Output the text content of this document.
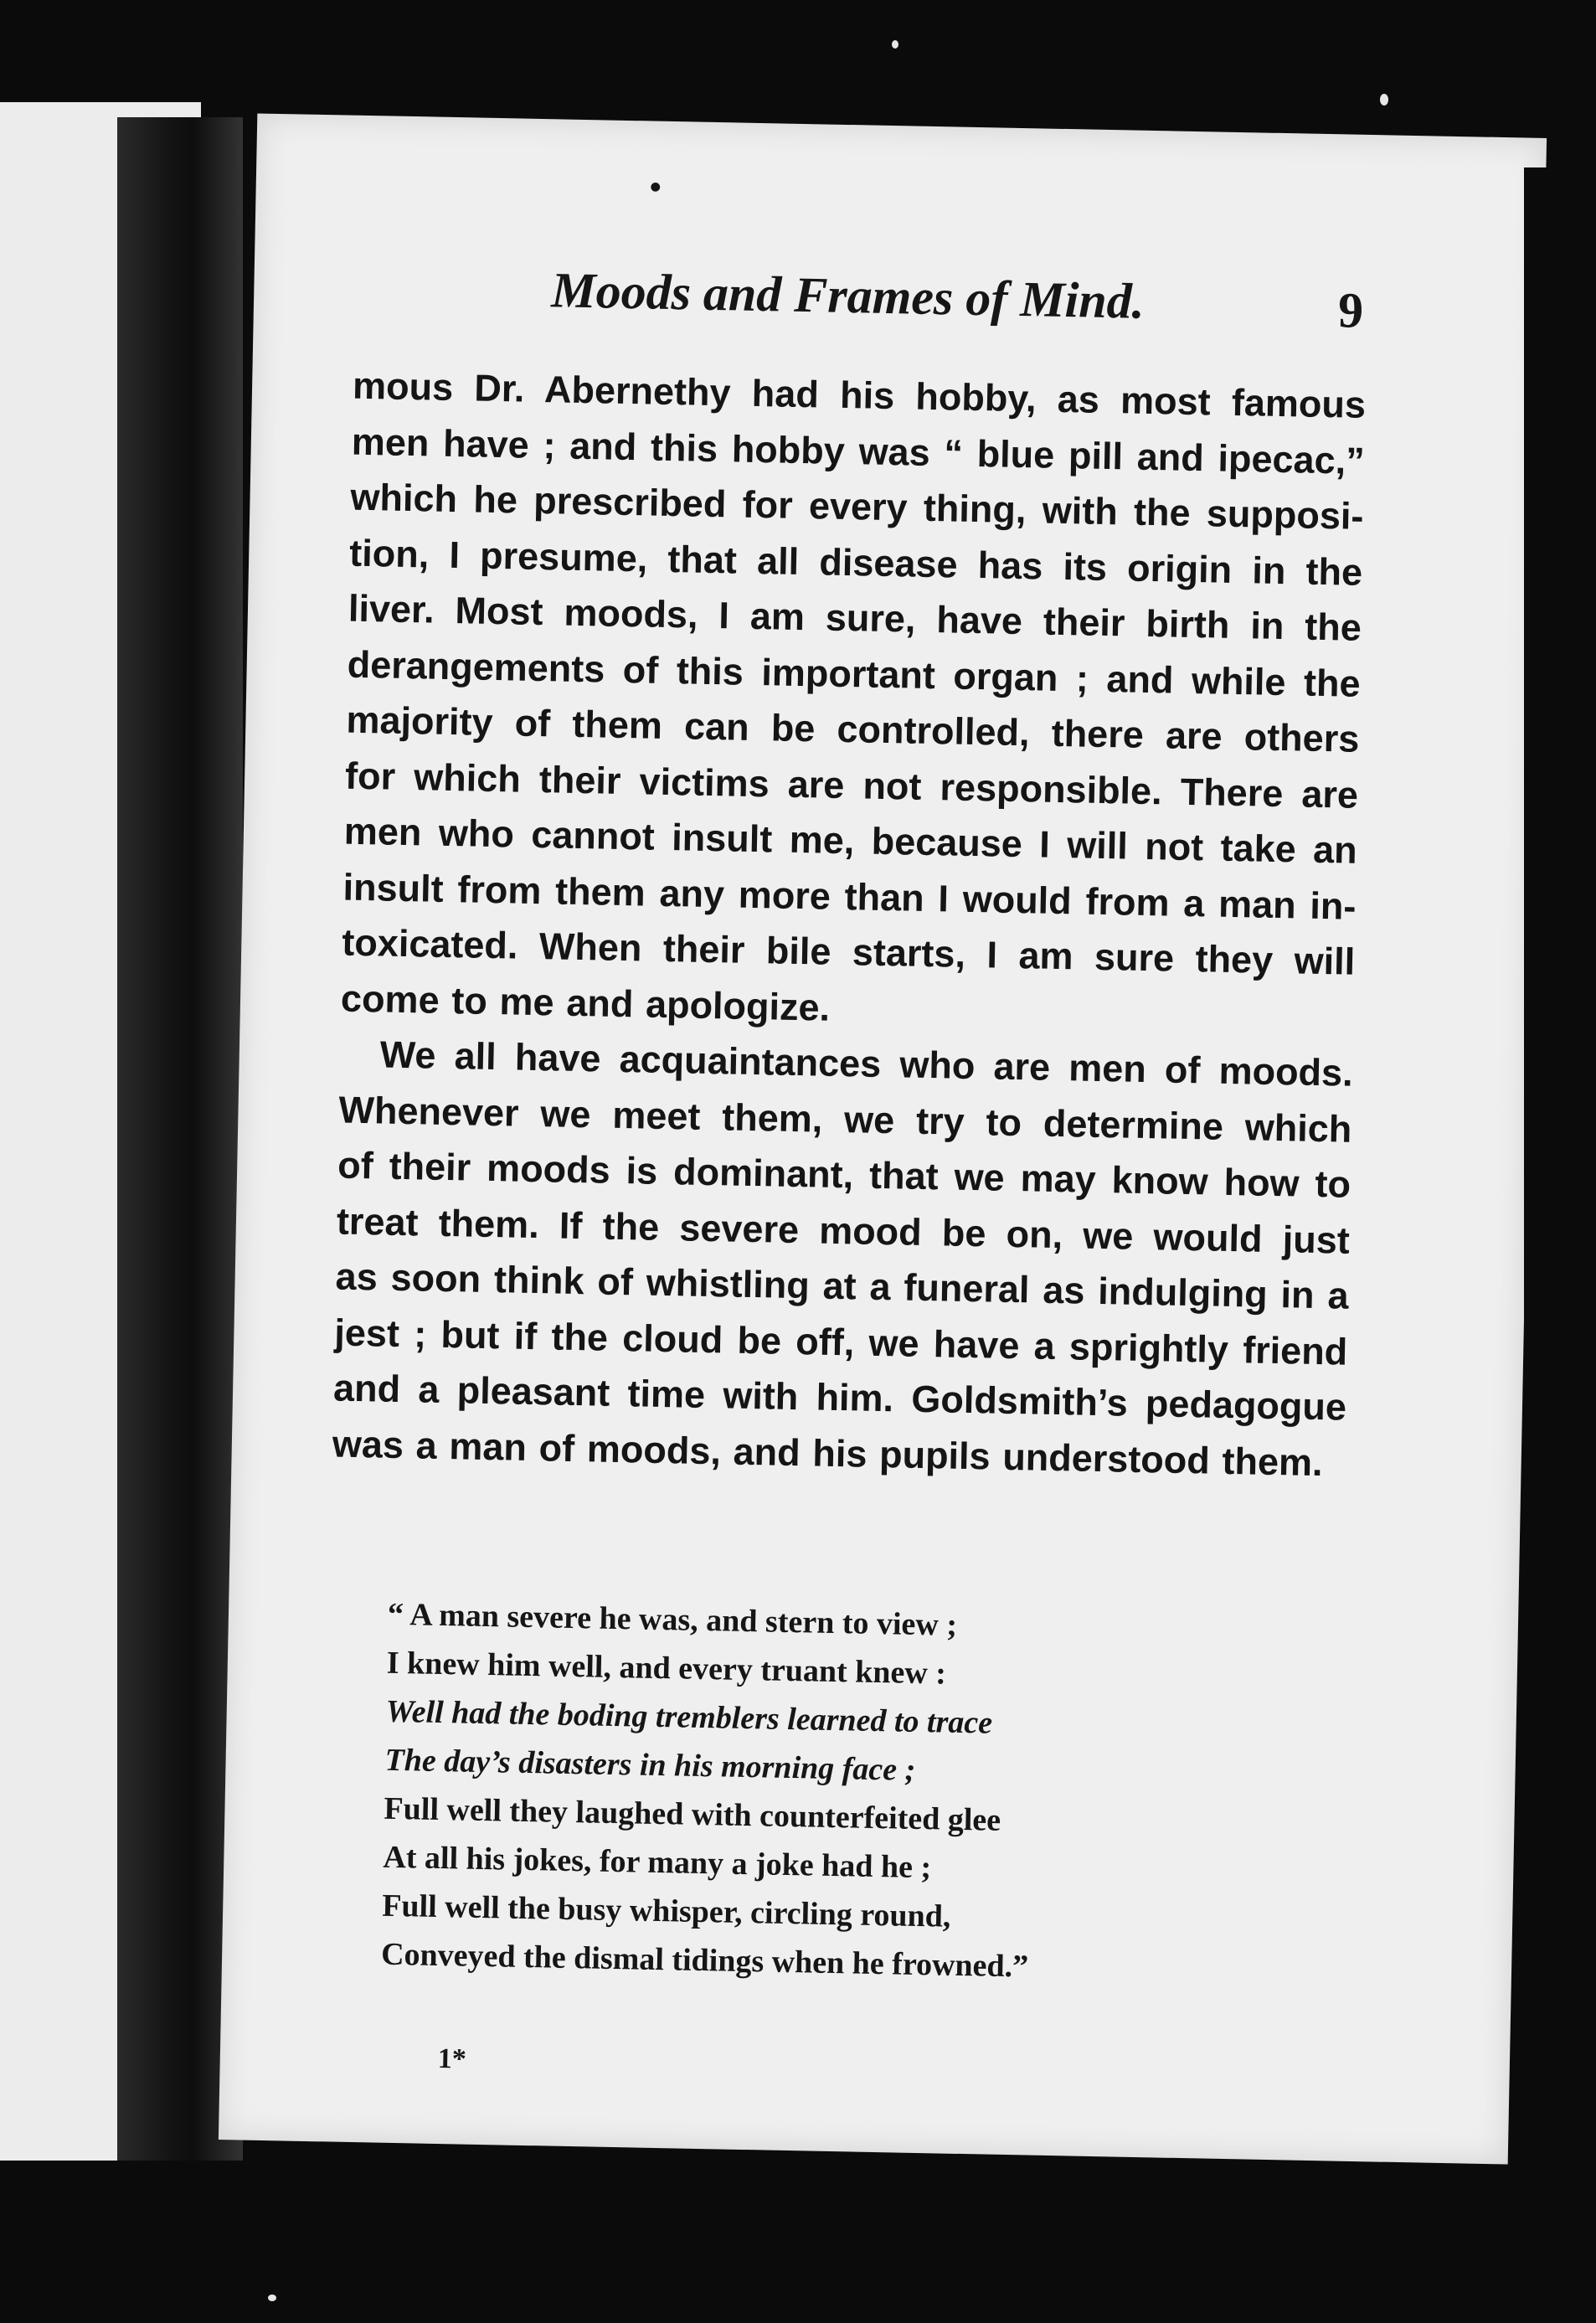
•
Moods and Frames of Mind.	9

mous Dr. Abernethy had his hobby, as most famous
men have ; and this hobby was “ blue pill and ipecac,”
which he prescribed for every thing, with the supposi-
tion, I presume, that all disease has its origin in the
liver. Most moods, I am sure, have their birth in the
derangements of this important organ ; and while the
majority of them can be controlled, there are others
for which their victims are not responsible. There are
men who cannot insult me, because I will not take an
insult from them any more than I would from a man in-
toxicated. When their bile starts, I am sure they will
come to me and apologize.

We all have acquaintances who are men of moods.
Whenever we meet them, we try to determine which
of their moods is dominant, that we may know how to
treat them. If the severe mood be on, we would just
as soon think of whistling at a funeral as indulging in a
jest ; but if the cloud be off, we have a sprightly friend
and a pleasant time with him. Goldsmith’s pedagogue
was a man of moods, and his pupils understood them.

“ A man severe he was, and stern to view ;
I knew him well, and every truant knew :
Well had the boding tremblers learned to trace
The day’s disasters in his morning face ;
Full well they laughed with counterfeited glee
At all his jokes, for many a joke had he ;
Full well the busy whisper, circling round,
Conveyed the dismal tidings when he frowned.”
1*
